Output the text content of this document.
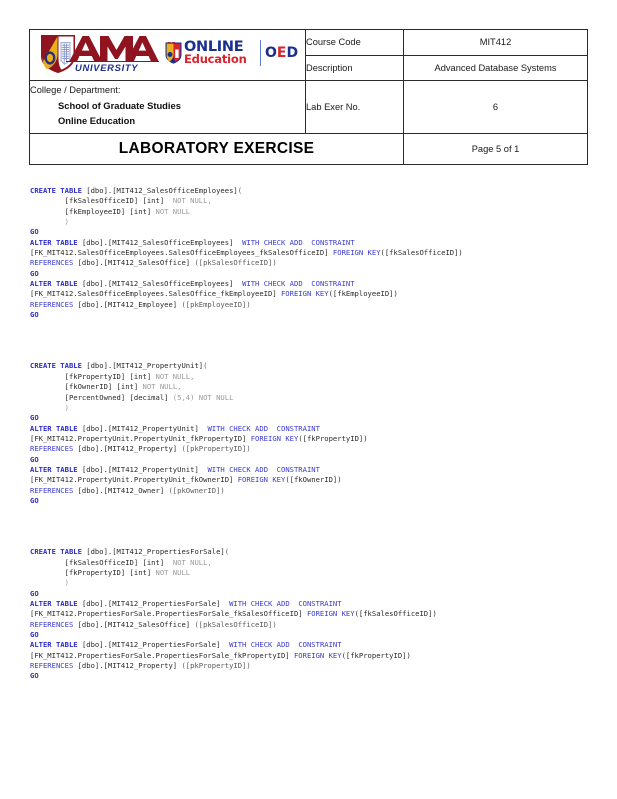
UNIVERSITY
ONLINE
Education OED	Course Code	MIT412
	Description	Advanced Database Systems

College / Department:
School of Graduate Studies
Online Education	Lab Exer No.	6
LABORATORY EXERCISE		Page 5 of 1
CREATE TABLE [dbo].[MIT412_SalesOfficeEmployees](
[fkSalesOfficeID] [int] NOT NULL,
[fkEmployeeID] [int] NOT NULL
)
GO
ALTER TABLE [dbo].[MIT412_SalesOfficeEmployees] WITH CHECK ADD  CONSTRAINT
[FK_MIT412.SalesOfficeEmployees.SalesOfficeEmployees_fkSalesOfficeID] FOREIGN KEY([fkSalesOfficeID])
REFERENCES [dbo].[MIT412_SalesOffice] ([pkSalesOfficeID])
GO
ALTER TABLE [dbo].[MIT412_SalesOfficeEmployees] WITH CHECK ADD  CONSTRAINT
[FK_MIT412.SalesOfficeEmployees.SalesOffice_fkEmployeeID] FOREIGN KEY([fkEmployeeID])
REFERENCES [dbo].[MIT412_Employee] ([pkEmployeeID])
GO
CREATE TABLE [dbo].[MIT412_PropertyUnit](
[fkPropertyID] [int] NOT NULL,
[fkOwnerID] [int] NOT NULL,
[PercentOwned] [decimal] (5,4) NOT NULL
)
GO
ALTER TABLE [dbo].[MIT412_PropertyUnit] WITH CHECK ADD  CONSTRAINT
[FK_MIT412.PropertyUnit.PropertyUnit_fkPropertyID] FOREIGN KEY([fkPropertyID])
REFERENCES [dbo].[MIT412_Property] ([pkPropertyID])
GO
ALTER TABLE [dbo].[MIT412_PropertyUnit] WITH CHECK ADD  CONSTRAINT
[FK_MIT412.PropertyUnit.PropertyUnit_fkOwnerID] FOREIGN KEY([fkOwnerID])
REFERENCES [dbo].[MIT412_Owner] ([pkOwnerID])
GO
CREATE TABLE [dbo].[MIT412_PropertiesForSale](
[fkSalesOfficeID] [int] NOT NULL,
[fkPropertyID] [int] NOT NULL
)
GO
ALTER TABLE [dbo].[MIT412_PropertiesForSale] WITH CHECK ADD  CONSTRAINT
[FK_MIT412.PropertiesForSale.PropertiesForSale_fkSalesOfficeID] FOREIGN KEY([fkSalesOfficeID])
REFERENCES [dbo].[MIT412_SalesOffice] ([pkSalesOfficeID])
GO
ALTER TABLE [dbo].[MIT412_PropertiesForSale] WITH CHECK ADD  CONSTRAINT
[FK_MIT412.PropertiesForSale.PropertiesForSale_fkPropertyID] FOREIGN KEY([fkPropertyID])
REFERENCES [dbo].[MIT412_Property] ([pkPropertyID])
GO
